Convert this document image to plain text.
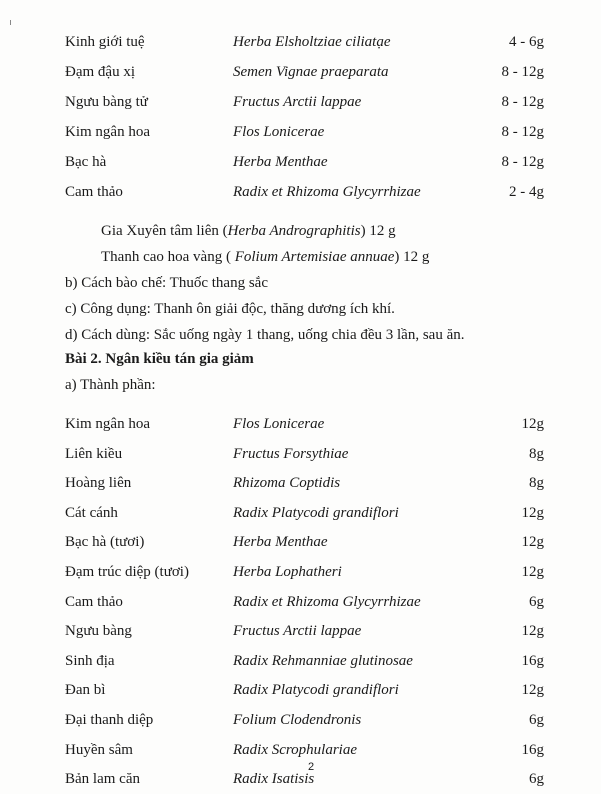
Kinh giới tuệ	Herba Elsholtziae ciliatạe	4 - 6g
Đạm đậu xị	Semen Vignae praeparata	8 - 12g
Ngưu bàng tử	Fructus Arctii lappae	8 - 12g
Kim ngân hoa	Flos Lonicerae	8 - 12g
Bạc hà	Herba Menthae	8 - 12g
Cam thảo	Radix et Rhizoma Glycyrrhizae	2 - 4g
Gia Xuyên tâm liên (Herba Andrographitis) 12 g
Thanh cao hoa vàng ( Folium Artemisiae annuae) 12 g
b) Cách bào chế: Thuốc thang sắc
c) Công dụng: Thanh ôn giải độc, thăng dương ích khí.
d) Cách dùng: Sắc uống ngày 1 thang, uống chia đều 3 lần, sau ăn.
Bài 2. Ngân kiều tán gia giảm
a) Thành phần:
Kim ngân hoa	Flos Lonicerae	12g
Liên kiều	Fructus Forsythiae	8g
Hoàng liên	Rhizoma Coptidis	8g
Cát cánh	Radix Platycodi grandiflori	12g
Bạc hà (tươi)	Herba Menthae	12g
Đạm trúc diệp (tươi)	Herba Lophatheri	12g
Cam thảo	Radix et Rhizoma Glycyrrhizae	6g
Ngưu bàng	Fructus Arctii lappae	12g
Sinh địa	Radix Rehmanniae glutinosae	16g
Đan bì	Radix Platycodi grandiflori	12g
Đại thanh diệp	Folium Clodendronis	6g
Huyền sâm	Radix Scrophulariae	16g
Bản lam căn	Radix Isatisis	6g
2
